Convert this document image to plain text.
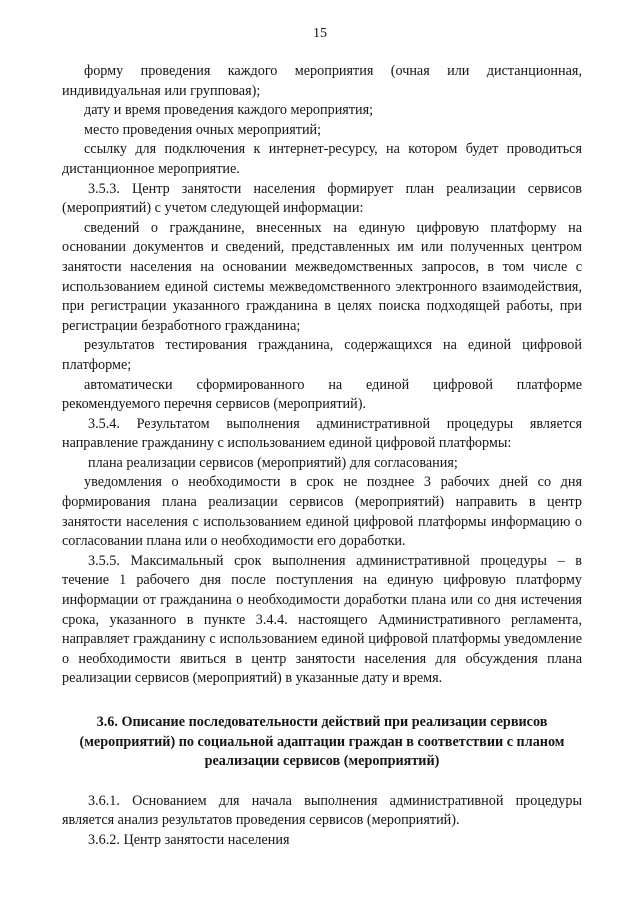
15

форму проведения каждого мероприятия (очная или дистанционная, индивидуальная или групповая);

дату и время проведения каждого мероприятия;

место проведения очных мероприятий;

ссылку для подключения к интернет-ресурсу, на котором будет проводиться дистанционное мероприятие.

3.5.3. Центр занятости населения формирует план реализации сервисов (мероприятий) с учетом следующей информации:

сведений о гражданине, внесенных на единую цифровую платформу на основании документов и сведений, представленных им или полученных центром занятости населения на основании межведомственных запросов, в том числе с использованием единой системы межведомственного электронного взаимодействия, при регистрации указанного гражданина в целях поиска подходящей работы, при регистрации безработного гражданина;

результатов тестирования гражданина, содержащихся на единой цифровой платформе;

автоматически сформированного на единой цифровой платформе рекомендуемого перечня сервисов (мероприятий).

3.5.4. Результатом выполнения административной процедуры является направление гражданину с использованием единой цифровой платформы:

плана реализации сервисов (мероприятий) для согласования;

уведомления о необходимости в срок не позднее 3 рабочих дней со дня формирования плана реализации сервисов (мероприятий) направить в центр занятости населения с использованием единой цифровой платформы информацию о согласовании плана или о необходимости его доработки.

3.5.5. Максимальный срок выполнения административной процедуры – в течение 1 рабочего дня после поступления на единую цифровую платформу информации от гражданина о необходимости доработки плана или со дня истечения срока, указанного в пункте 3.4.4. настоящего Административного регламента, направляет гражданину с использованием единой цифровой платформы уведомление о необходимости явиться в центр занятости населения для обсуждения плана реализации сервисов (мероприятий) в указанные дату и время.

3.6. Описание последовательности действий при реализации сервисов (мероприятий) по социальной адаптации граждан в соответствии с планом реализации сервисов (мероприятий)

3.6.1. Основанием для начала выполнения административной процедуры является анализ результатов проведения сервисов (мероприятий).

3.6.2. Центр занятости населения
